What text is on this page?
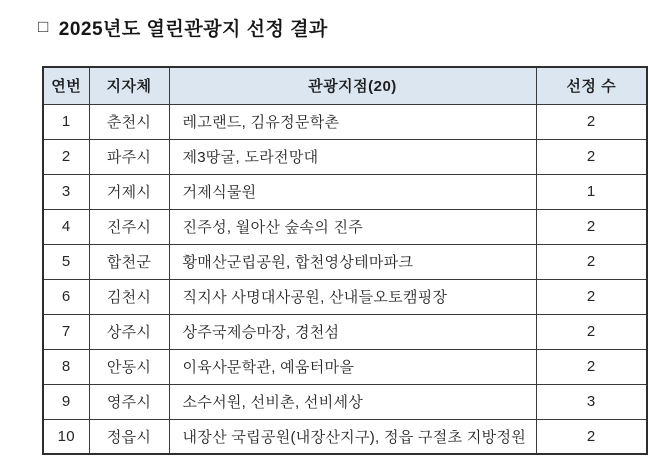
□ 2025년도 열린관광지 선정 결과
연번	지자체	관광지점(20)	선정 수
1	춘천시	레고랜드, 김유정문학촌	2
2	파주시	제3땅굴, 도라전망대	2
3	거제시	거제식물원	1
4	진주시	진주성, 월아산 숲속의 진주	2
5	합천군	황매산군립공원, 합천영상테마파크	2
6	김천시	직지사 사명대사공원, 산내들오토캠핑장	2
7	상주시	상주국제승마장, 경천섬	2
8	안동시	이육사문학관, 예움터마을	2
9	영주시	소수서원, 선비촌, 선비세상	3
10	정읍시	내장산 국립공원(내장산지구), 정읍 구절초 지방정원	2
